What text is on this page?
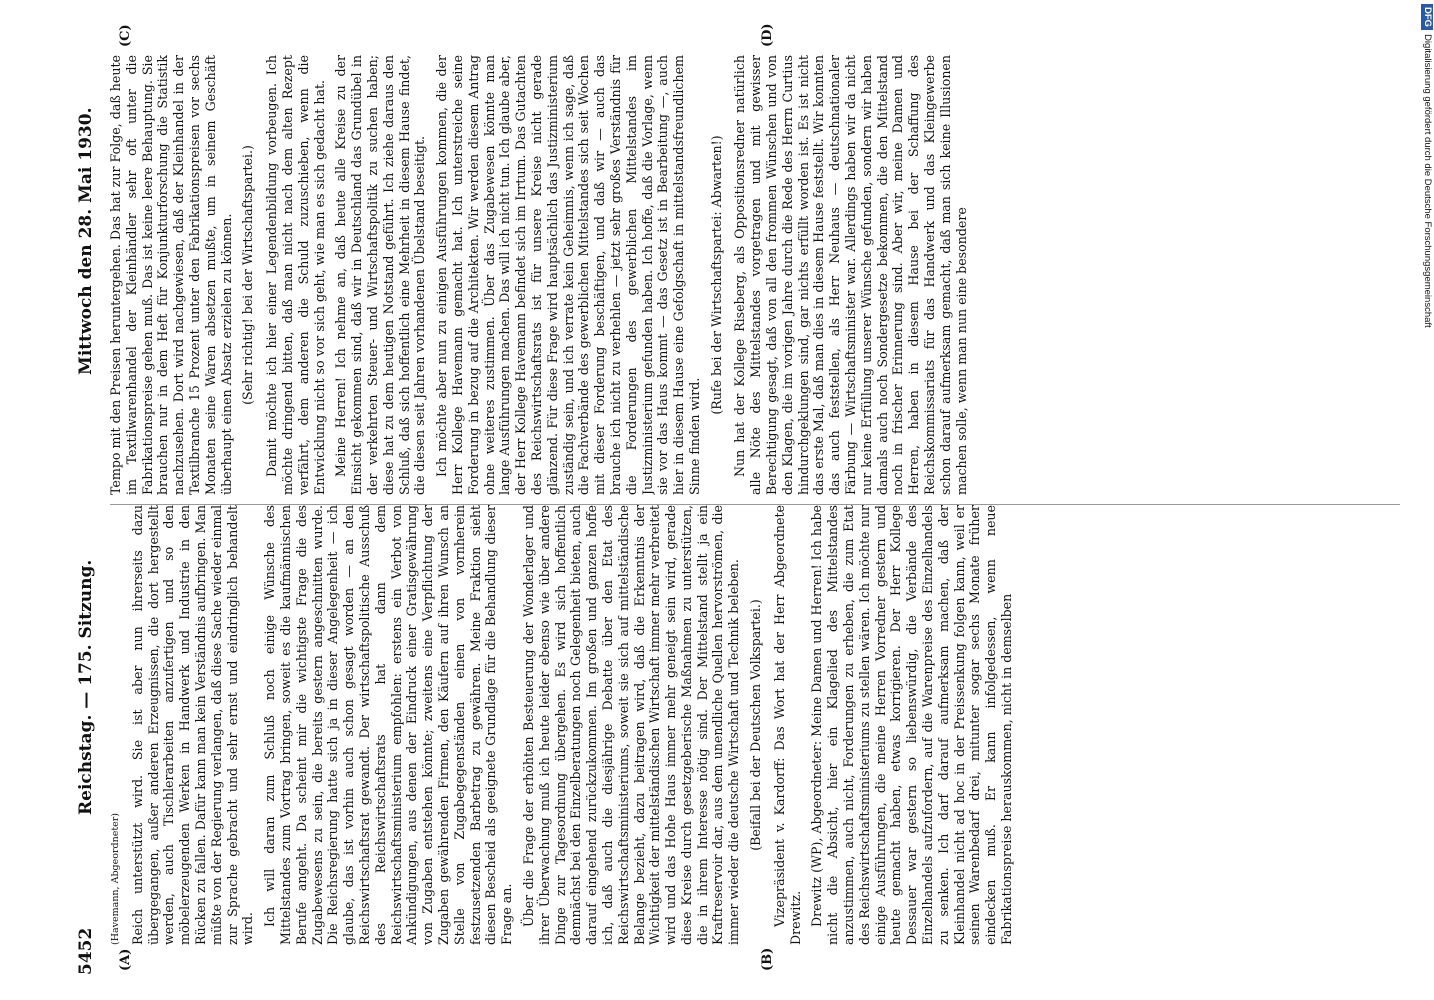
5452
Reichstag. — 175. Sitzung.
Mittwoch den 28. Mai 1930.
(A)	(B)
(C)	(D)

(Havemann, Abgeordneter) Reich unterstützt wird. Sie ist aber nun ihrerseits dazu übergegangen, außer anderen Erzeugnissen, die dort hergestellt werden, auch Tischlerarbeiten anzufertigen und so den möbelerzeugenden Werken in Handwerk und Industrie in den Rücken zu fallen. Dafür kann man kein Verständnis aufbringen. Man müßte von der Regierung verlangen, daß diese Sache wieder einmal zur Sprache gebracht und sehr ernst und eindringlich behandelt wird.

Ich will daran zum Schluß noch einige Wünsche des Mittelstandes zum Vortrag bringen, soweit es die kaufmännischen Berufe angeht. Da scheint mir die wichtigste Frage die des Zugabewesens zu sein, die bereits gestern angeschnitten wurde. Die Reichsregierung hatte sich ja in dieser Angelegenheit — ich glaube, das ist vorhin auch schon gesagt worden — an den Reichswirtschaftsrat gewandt. Der wirtschaftspolitische Ausschuß des Reichswirtschaftsrats hat dann dem Reichswirtschaftsministerium empfohlen: erstens ein Verbot von Ankündigungen, aus denen der Eindruck einer Gratisgewährung von Zugaben entstehen könnte; zweitens eine Verpflichtung der Zugaben gewährenden Firmen, den Käufern auf ihren Wunsch an Stelle von Zugabegegenständen einen von vornherein festzusetzenden Barbetrag zu gewähren. Meine Fraktion sieht diesen Bescheid als geeignete Grundlage für die Behandlung dieser Frage an. Über die Frage der erhöhten Besteuerung der Wonderlager und ihrer Überwachung muß ich heute leider ebenso wie über andere Dinge zur Tagesordnung übergehen. Es wird sich hoffentlich demnächst bei den Einzelberatungen noch Gelegenheit bieten, auch darauf eingehend zurückzukommen. Im großen und ganzen hoffe ich, daß auch die diesjährige Debatte über den Etat des Reichswirtschaftsministeriums, soweit sie sich auf mittelständische Belange bezieht, dazu beitragen wird, daß die Erkenntnis der Wichtigkeit der mittelständischen Wirtschaft immer mehr verbreitet wird und das Hohe Haus immer mehr geneigt sein wird, gerade diese Kreise durch gesetzgeberische Maßnahmen zu unterstützen, die in ihrem Interesse nötig sind. Der Mittelstand stellt ja ein Kraftreservoir dar, aus dem unendliche Quellen hervorströmen, die immer wieder die deutsche Wirtschaft und Technik beleben. (Beifall bei der Deutschen Volkspartei.) Vizepräsident v. Kardorff: Das Wort hat der Herr Abgeordnete Drewitz. Drewitz (WP), Abgeordneter: Meine Damen und Herren! Ich habe nicht die Absicht, hier ein Klagelied des Mittelstandes anzustimmen, auch nicht, Forderungen zu erheben, die zum Etat des Reichswirtschaftsministeriums zu stellen wären. Ich möchte nur einige Ausführungen, die meine Herren Vorredner gestern und heute gemacht haben, etwas korrigieren. Der Herr Kollege Dessauer war gestern so liebenswürdig, die Verbände des Einzelhandels aufzufordern, auf die Warenpreise des Einzelhandels zu senken. Ich darf darauf aufmerksam machen, daß der Kleinhandel nicht ad hoc in der Preissenkung folgen kann, weil er seinen Warenbedarf drei, mitunter sogar sechs Monate früher eindecken muß. Er kann infolgedessen, wenn neue Fabrikationspreise herauskommen, nicht in demselben

Tempo mit den Preisen heruntergehen. Das hat zur Folge, daß heute im Textilwarenhandel der Kleinhändler sehr oft unter die Fabrikationspreise gehen muß. Das ist keine leere Behauptung. Sie brauchen nur in dem Heft für Konjunkturforschung die Statistik nachzusehen. Dort wird nachgewiesen, daß der Kleinhandel in der Textilbranche 15 Prozent unter den Fabrikationspreisen vor sechs Monaten seine Waren absetzen mußte, um in seinem Geschäft überhaupt einen Absatz erzielen zu können. (Sehr richtig! bei der Wirtschaftspartei.) Damit möchte ich hier einer Legendenbildung vorbeugen. Ich möchte dringend bitten, daß man nicht nach dem alten Rezept verfährt, dem anderen die Schuld zuzuschieben, wenn die Entwicklung nicht so vor sich geht, wie man es sich gedacht hat. Meine Herren! Ich nehme an, daß heute alle Kreise zu der Einsicht gekommen sind, daß wir in Deutschland das Grundübel in der verkehrten Steuer- und Wirtschaftspolitik zu suchen haben; diese hat zu dem heutigen Notstand geführt. Ich ziehe daraus den Schluß, daß sich hoffentlich eine Mehrheit in diesem Hause findet, die diesen seit Jahren vorhandenen Übelstand beseitigt. Ich möchte aber nun zu einigen Ausführungen kommen, die der Herr Kollege Havemann gemacht hat. Ich unterstreiche seine Forderung in bezug auf die Architekten. Wir werden diesem Antrag ohne weiteres zustimmen. Über das Zugabewesen könnte man lange Ausführungen machen. Das will ich nicht tun. Ich glaube aber, der Herr Kollege Havemann befindet sich im Irrtum. Das Gutachten des Reichswirtschaftsrats ist für unsere Kreise nicht gerade glänzend. Für diese Frage wird hauptsächlich das Justizministerium zuständig sein, und ich verrate kein Geheimnis, wenn ich sage, daß die Fachverbände des gewerblichen Mittelstandes sich seit Wochen mit dieser Forderung beschäftigen, und daß wir — auch das brauche ich nicht zu verhehlen — jetzt sehr großes Verständnis für die Forderungen des gewerblichen Mittelstandes im Justizministerium gefunden haben. Ich hoffe, daß die Vorlage, wenn sie vor das Haus kommt — das Gesetz ist in Bearbeitung —, auch hier in diesem Hause eine Gefolgschaft in mittelstandsfreundlichem Sinne finden wird.

(Rufe bei der Wirtschaftspartei: Abwarten!) Nun hat der Kollege Riseberg, als Oppositionsredner natürlich alle Nöte des Mittelstandes vorgetragen und mit gewisser Berechtigung gesagt, daß von all den frommen Wünschen und von den Klagen, die im vorigen Jahre durch die Rede des Herrn Curtius hindurchgeklungen sind, gar nichts erfüllt worden ist. Es ist nicht das erste Mal, daß man dies in diesem Hause feststellt. Wir konnten das auch feststellen, als Herr Neuhaus — deutschnationaler Färbung — Wirtschaftsminister war. Allerdings haben wir da nicht nur keine Erfüllung unserer Wünsche gefunden, sondern wir haben damals auch noch Sondergesetze bekommen, die den Mittelstand noch in frischer Erinnerung sind. Aber wir, meine Damen und Herren, haben in diesem Hause bei der Schaffung des Reichskommissariats für das Handwerk und das Kleingewerbe schon darauf aufmerksam gemacht, daß man sich keine Illusionen machen solle, wenn man nun eine besondere

DFGDigitalisierung gefördert durch die Deutsche Forschungsgemeinschaft
